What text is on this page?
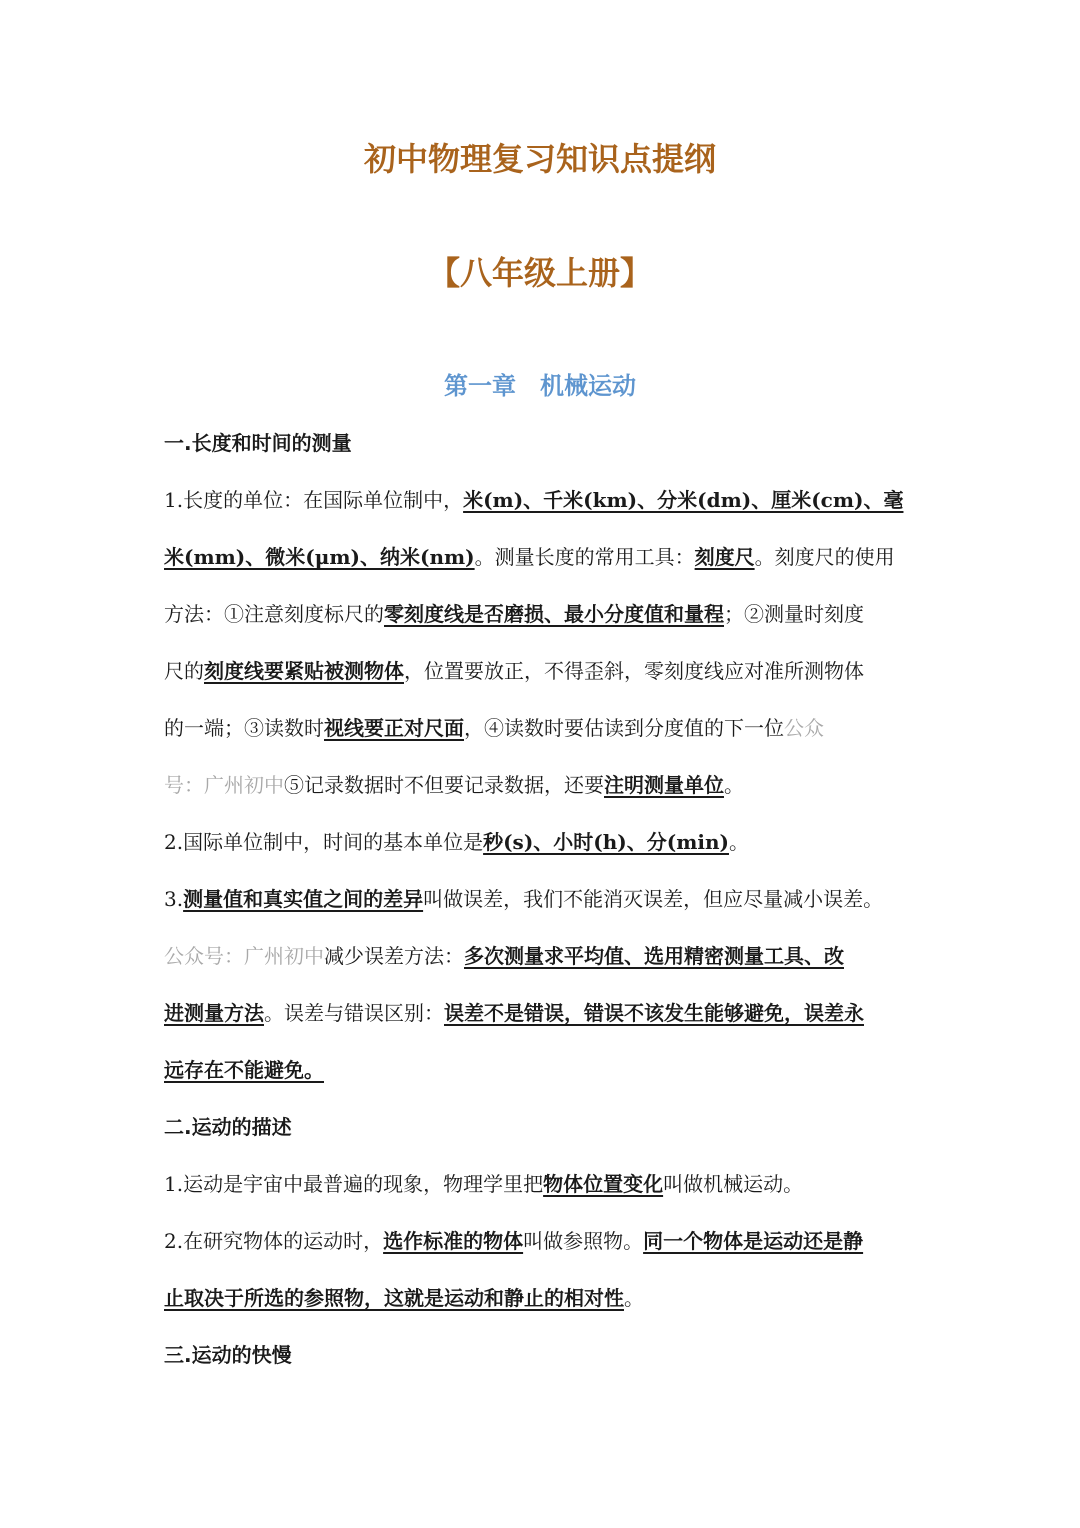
初中物理复习知识点提纲
【八年级上册】
第一章　机械运动
一.长度和时间的测量
1.长度的单位：在国际单位制中，米(m)、千米(km)、分米(dm)、厘米(cm)、毫
米(mm)、微米(μm)、纳米(nm)。测量长度的常用工具：刻度尺。刻度尺的使用
方法：①注意刻度标尺的零刻度线是否磨损、最小分度值和量程；②测量时刻度
尺的刻度线要紧贴被测物体，位置要放正，不得歪斜，零刻度线应对准所测物体
的一端；③读数时视线要正对尺面，④读数时要估读到分度值的下一位公众
号：广州初中⑤记录数据时不但要记录数据，还要注明测量单位。
2.国际单位制中，时间的基本单位是秒(s)、小时(h)、分(min)。
3.测量值和真实值之间的差异叫做误差，我们不能消灭误差，但应尽量减小误差。
公众号：广州初中减少误差方法：多次测量求平均值、选用精密测量工具、改
进测量方法。误差与错误区别：误差不是错误，错误不该发生能够避免，误差永
远存在不能避免。
二.运动的描述
1.运动是宇宙中最普遍的现象，物理学里把物体位置变化叫做机械运动。
2.在研究物体的运动时，选作标准的物体叫做参照物。同一个物体是运动还是静
止取决于所选的参照物，这就是运动和静止的相对性。
三.运动的快慢
